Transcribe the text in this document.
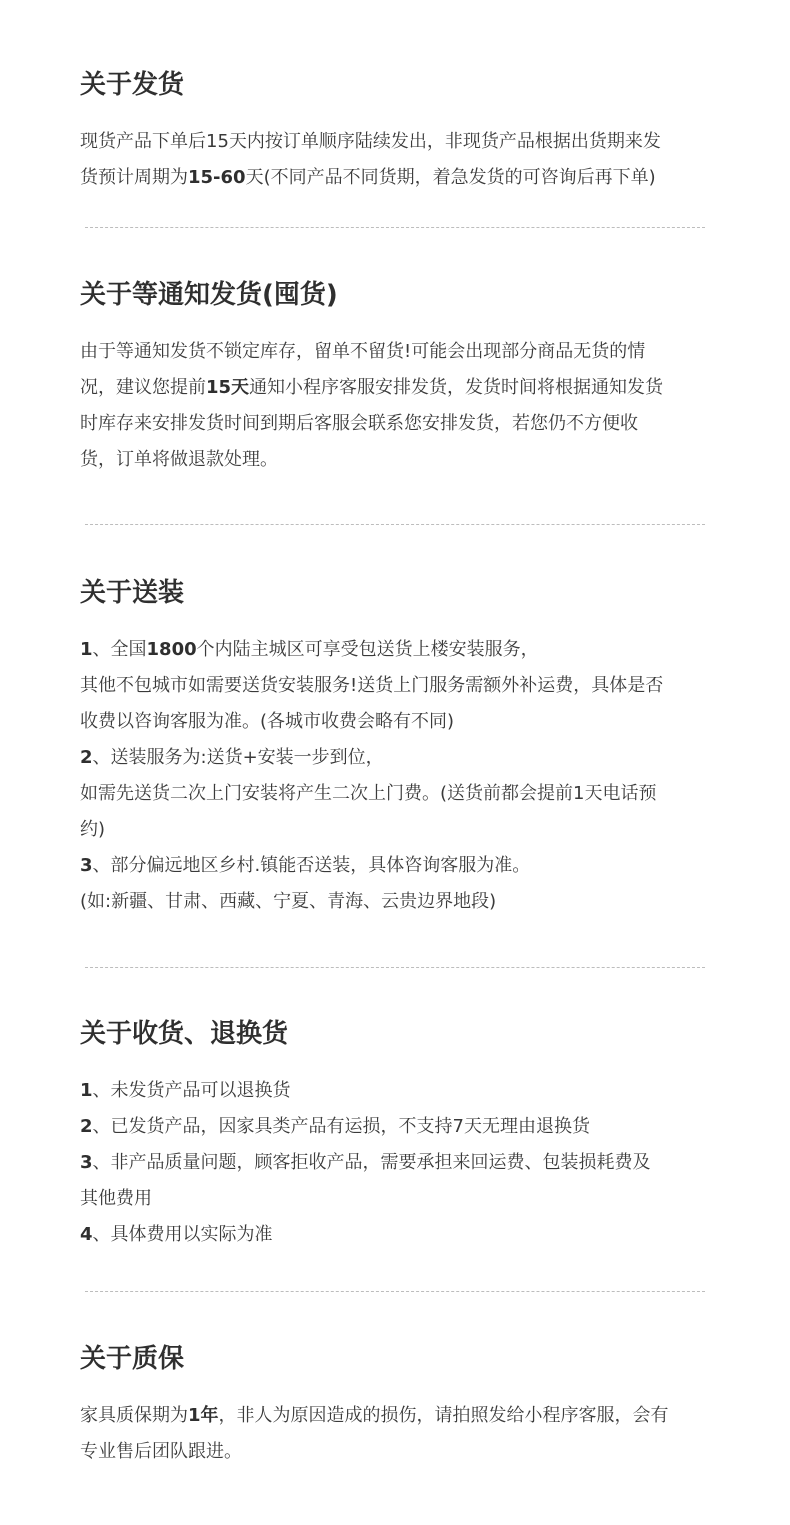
关于发货
现货产品下单后15天内按订单顺序陆续发出，非现货产品根据出货期来发
货预计周期为15-60天(不同产品不同货期，着急发货的可咨询后再下单)
关于等通知发货(囤货)
由于等通知发货不锁定库存，留单不留货!可能会出现部分商品无货的情
况，建议您提前15天通知小程序客服安排发货，发货时间将根据通知发货
时库存来安排发货时间到期后客服会联系您安排发货，若您仍不方便收
货，订单将做退款处理。
关于送装
1、全国1800个内陆主城区可享受包送货上楼安装服务，
其他不包城市如需要送货安装服务!送货上门服务需额外补运费，具体是否
收费以咨询客服为准。(各城市收费会略有不同)
2、送装服务为:送货+安装一步到位，
如需先送货二次上门安装将产生二次上门费。(送货前都会提前1天电话预
约)
3、部分偏远地区乡村.镇能否送装，具体咨询客服为准。
(如:新疆、甘肃、西藏、宁夏、青海、云贵边界地段)
关于收货、退换货
1、未发货产品可以退换货
2、已发货产品，因家具类产品有运损，不支持7天无理由退换货
3、非产品质量问题，顾客拒收产品，需要承担来回运费、包装损耗费及
其他费用
4、具体费用以实际为准
关于质保
家具质保期为1年，非人为原因造成的损伤，请拍照发给小程序客服，会有
专业售后团队跟进。
